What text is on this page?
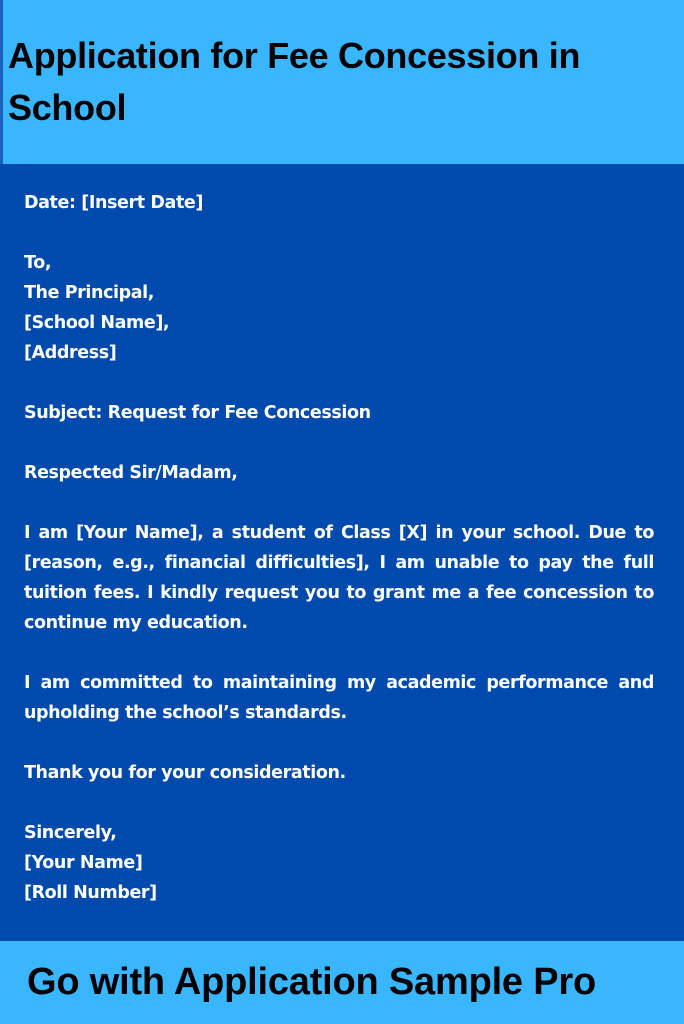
Application for Fee Concession in School
Date: [Insert Date]
To,
The Principal,
[School Name],
[Address]
Subject: Request for Fee Concession
Respected Sir/Madam,
I am [Your Name], a student of Class [X] in your school. Due to [reason, e.g., financial difficulties], I am unable to pay the full tuition fees. I kindly request you to grant me a fee concession to continue my education.
I am committed to maintaining my academic performance and upholding the school’s standards.
Thank you for your consideration.
Sincerely,
[Your Name]
[Roll Number]
Go with Application Sample Pro
